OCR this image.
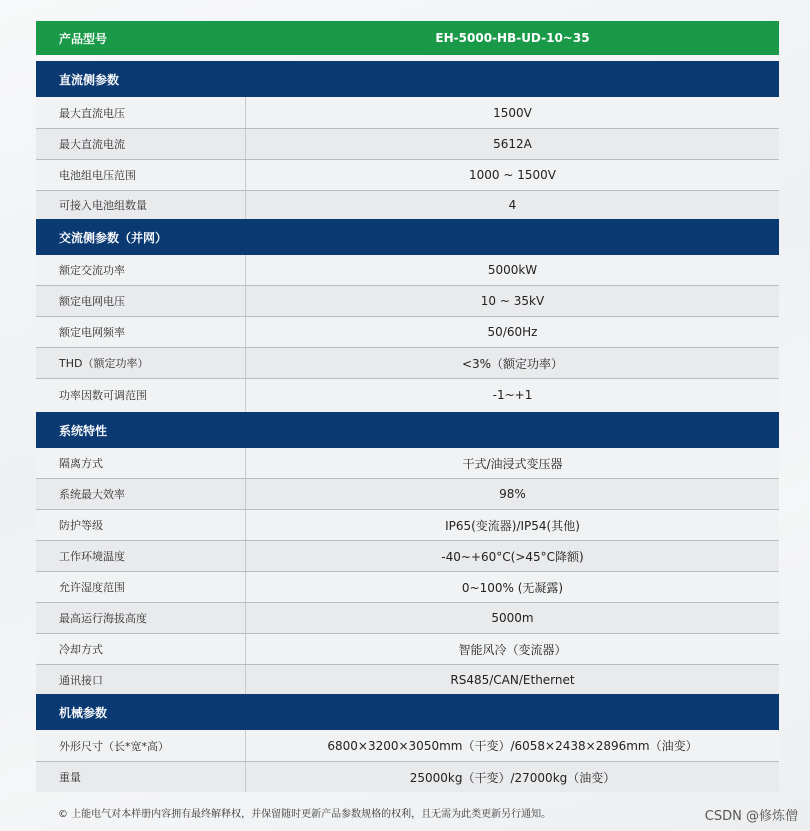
产品型号	EH-5000-HB-UD-10~35
直流侧参数
最大直流电压	1500V
最大直流电流	5612A
电池组电压范围	1000 ~ 1500V
可接入电池组数量	4
交流侧参数（并网）
额定交流功率	5000kW
额定电网电压	10 ~ 35kV
额定电网频率	50/60Hz
THD（额定功率）	<3%（额定功率）
功率因数可调范围	-1~+1
系统特性
隔离方式	干式/油浸式变压器
系统最大效率	98%
防护等级	IP65(变流器)/IP54(其他)
工作环境温度	-40~+60°C(>45°C降额)
允许湿度范围	0~100% (无凝露)
最高运行海拔高度	5000m
冷却方式	智能风冷（变流器）
通讯接口	RS485/CAN/Ethernet
机械参数
外形尺寸（长*宽*高）	6800×3200×3050mm（干变）/6058×2438×2896mm（油变）
重量	25000kg（干变）/27000kg（油变）
© 上能电气对本样册内容拥有最终解释权，并保留随时更新产品参数规格的权利，且无需为此类更新另行通知。	CSDN @修炼僧
